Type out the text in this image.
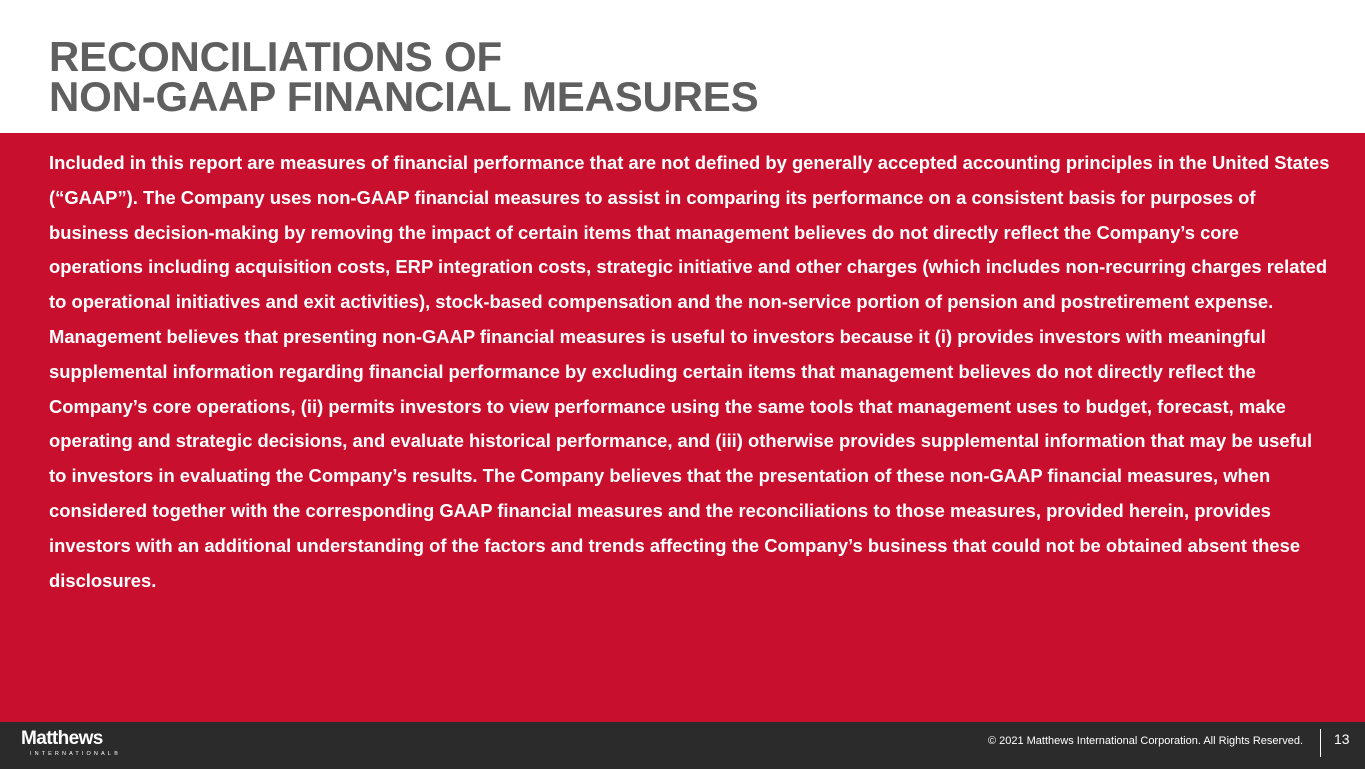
RECONCILIATIONS OF
NON-GAAP FINANCIAL MEASURES

Included in this report are measures of financial performance that are not defined by generally accepted accounting principles in the United States (“GAAP”). The Company uses non-GAAP financial measures to assist in comparing its performance on a consistent basis for purposes of business decision-making by removing the impact of certain items that management believes do not directly reflect the Company’s core operations including acquisition costs, ERP integration costs, strategic initiative and other charges (which includes non-recurring charges related to operational initiatives and exit activities), stock-based compensation and the non-service portion of pension and postretirement expense. Management believes that presenting non-GAAP financial measures is useful to investors because it (i) provides investors with meaningful supplemental information regarding financial performance by excluding certain items that management believes do not directly reflect the Company’s core operations, (ii) permits investors to view performance using the same tools that management uses to budget, forecast, make operating and strategic decisions, and evaluate historical performance, and (iii) otherwise provides supplemental information that may be useful to investors in evaluating the Company’s results. The Company believes that the presentation of these non-GAAP financial measures, when considered together with the corresponding GAAP financial measures and the reconciliations to those measures, provided herein, provides investors with an additional understanding of the factors and trends affecting the Company’s business that could not be obtained absent these disclosures.

Matthews
INTERNATIONAL®
© 2021 Matthews International Corporation. All Rights Reserved. 13
